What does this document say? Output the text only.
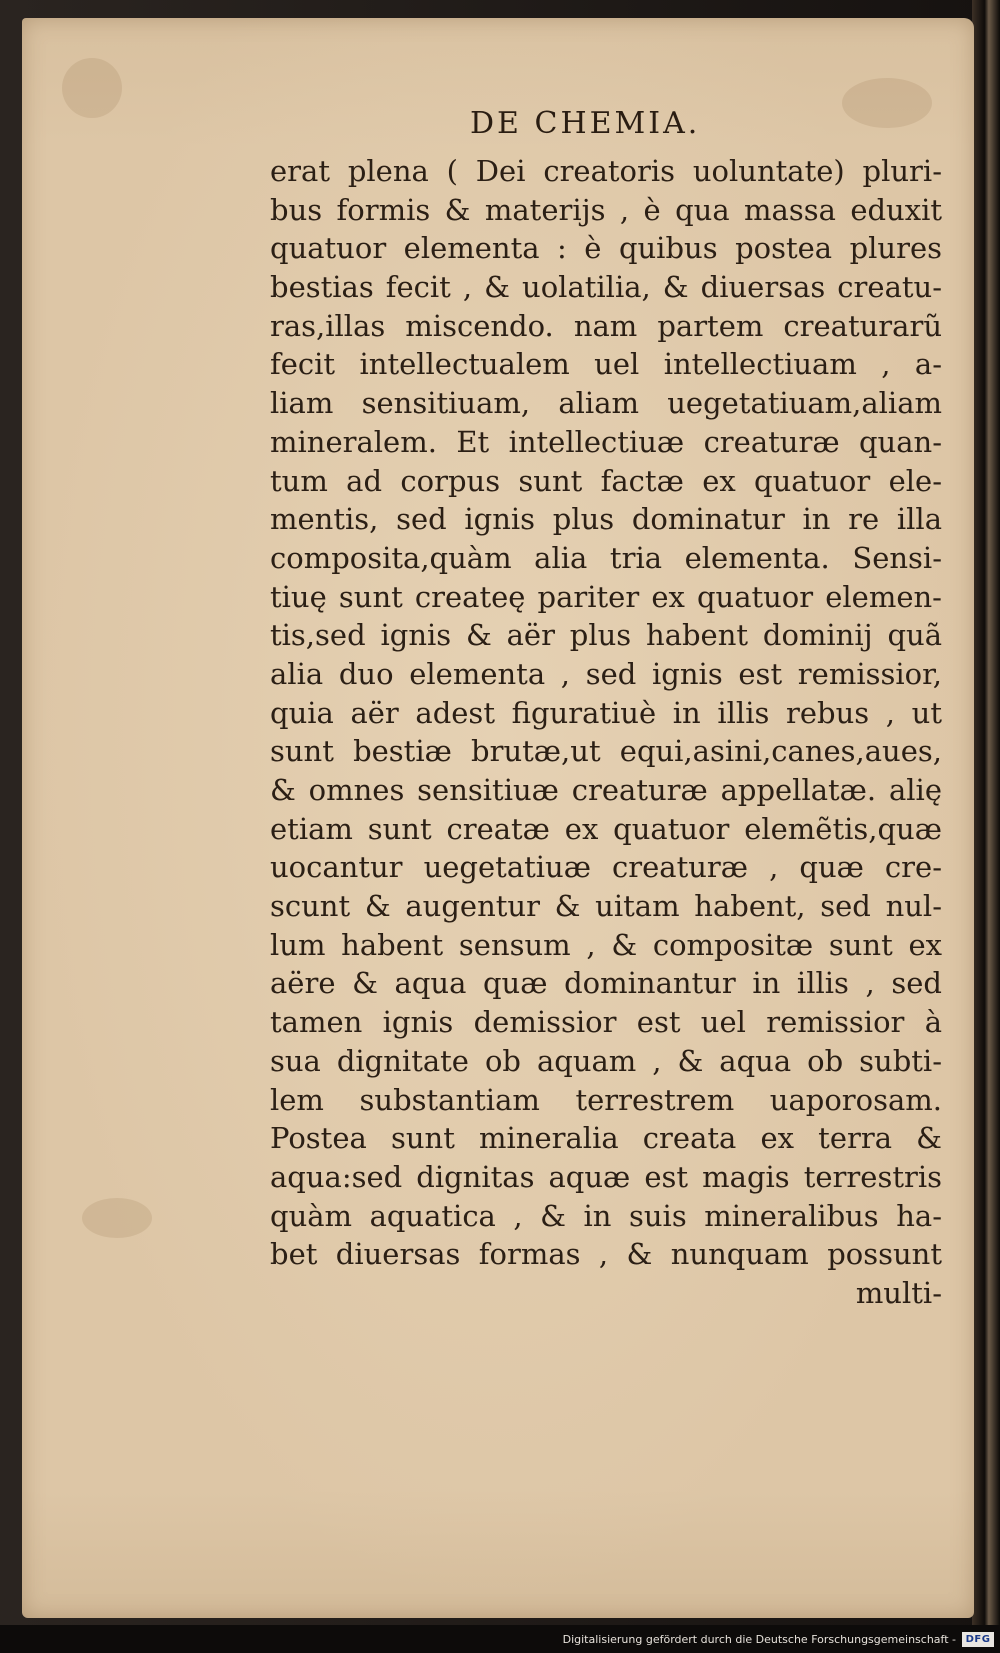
DE CHEMIA.
erat plena ( Dei creatoris uoluntate) pluri-
bus formis & materijs , è qua massa eduxit
quatuor elementa : è quibus postea plures
bestias fecit , & uolatilia, & diuersas creatu-
ras,illas miscendo. nam partem creaturarũ
fecit intellectualem uel intellectiuam , a-
liam sensitiuam, aliam uegetatiuam,aliam
mineralem. Et intellectiuæ creaturæ quan-
tum ad corpus sunt factæ ex quatuor ele-
mentis, sed ignis plus dominatur in re illa
composita,quàm alia tria elementa. Sensi-
tiuę sunt createę pariter ex quatuor elemen-
tis,sed ignis & aër plus habent dominij quã
alia duo elementa , sed ignis est remissior,
quia aër adest figuratiuè in illis rebus , ut
sunt bestiæ brutæ,ut equi,asini,canes,aues,
& omnes sensitiuæ creaturæ appellatæ. alię
etiam sunt creatæ ex quatuor elemẽtis,quæ
uocantur uegetatiuæ creaturæ , quæ cre-
scunt & augentur & uitam habent, sed nul-
lum habent sensum , & compositæ sunt ex
aëre & aqua quæ dominantur in illis , sed
tamen ignis demissior est uel remissior à
sua dignitate ob aquam , & aqua ob subti-
lem substantiam terrestrem uaporosam.
Postea sunt mineralia creata ex terra &
aqua:sed dignitas aquæ est magis terrestris
quàm aquatica , & in suis mineralibus ha-
bet diuersas formas , & nunquam possunt
multi-
Digitalisierung gefördert durch die Deutsche Forschungsgemeinschaft - DFG
